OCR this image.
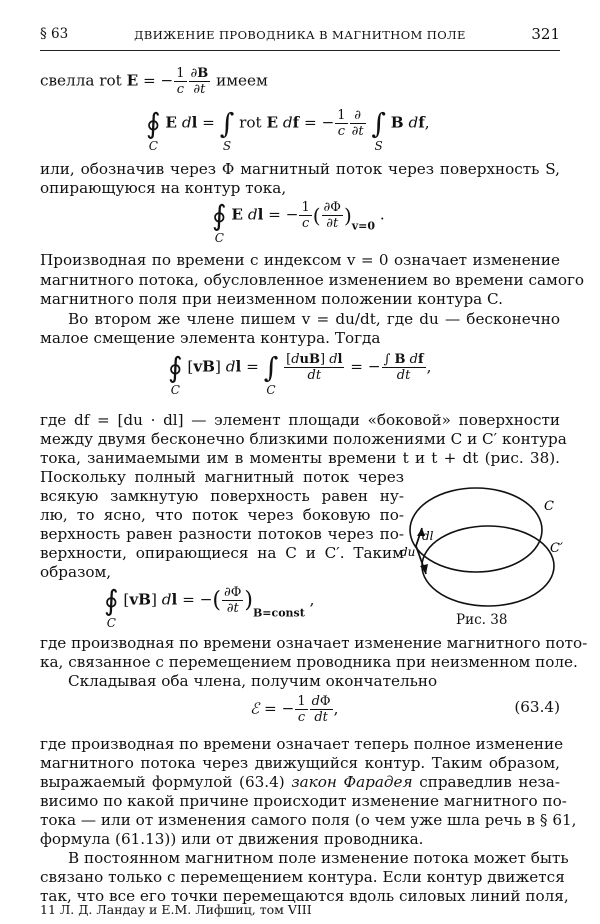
§ 63	ДВИЖЕНИЕ ПРОВОДНИКА В МАГНИТНОМ ПОЛЕ	321
свелла rot E = − $\frac{1}{c} \frac{\partial B}{\partial t}$ имеем
∮
C
E dl = ∫
S
rot E df = − $\frac{1}{c} \frac{\partial}{\partial t}$ ∫
S
B df,
или, обозначив через Φ магнитный поток через поверхность S,
опирающуюся на контур тока,
∮
C
E dl = − $\frac{1}{c}$ ( $\frac{\partial\Phi}{\partial t} )_{v=0}$ .
Производная по времени с индексом v = 0 означает изменение
магнитного потока, обусловленное изменением во времени самого
магнитного поля при неизменном положении контура C.
Во втором же члене пишем v = du/dt, где du — бесконечно
малое смещение элемента контура. Тогда
∮
C
[vB] dl = ∫
C

$\frac{\text{[duB] dl}}{dt}$ = − $\frac{\text{∫ B df}}{dt}$ ,
где df = [du · dl] — элемент площади «боковой» поверхности
между двумя бесконечно близкими положениями C и C′ контура
тока, занимаемыми им в моменты времени t и t + dt (рис. 38).
Поскольку полный магнитный поток через
всякую замкнутую поверхность равен ну-
лю, то ясно, что поток через боковую по-
верхность равен разности потоков через по-
верхности, опирающиеся на C и C′. Таким
образом,
∮
C
[vB] dl = −( $\frac{\partial\Phi}{\partial t} )_{B=const}$ ,
C
C′
dl
du
Рис. 38
где производная по времени означает изменение магнитного пото-
ка, связанное с перемещением проводника при неизменном поле.
Складывая оба члена, получим окончательно
ℰ = − $\frac{1}{c} \frac{d\Phi}{dt}$ ,	(63.4)
где производная по времени означает теперь полное изменение
магнитного потока через движущийся контур. Таким образом,
выражаемый формулой (63.4) закон Фарадея справедлив неза-
висимо по какой причине происходит изменение магнитного по-
тока — или от изменения самого поля (о чем уже шла речь в § 61,
формула (61.13)) или от движения проводника.
В постоянном магнитном поле изменение потока может быть
связано только с перемещением контура. Если контур движется
так, что все его точки перемещаются вдоль силовых линий поля,
11 Л. Д. Ландау и Е.М. Лифшиц, том VIII
